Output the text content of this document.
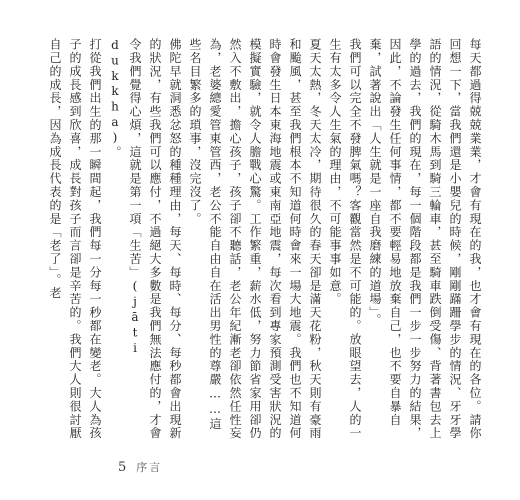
每天都過得兢兢業業，才會有現在的我，也才會有現在的各位。請你回想一下，當我們還是小嬰兒的時候，剛剛蹣跚學步的情況、牙牙學語的情況，從騎木馬到騎三輪車，甚至騎車跌倒受傷、背著書包去上學的過去，我們的現在，每一個階段都是我們一步一步努力的結果，因此，不論發生任何事情，都不要輕易地放棄自己，也不要自暴自棄，試著說出「人生就是一座自我磨練的道場」。

我們可以完全不發脾氣嗎？客觀當然是不可能的。放眼望去，人的一生有太多令人生氣的理由，不可能事事如意。

夏天太熱，冬天太冷，期待很久的春天卻是滿天花粉，秋天則有豪雨和颱風，甚至我們根本不知道何時會來一場大地震。我們也不知道何時會發生日本東海地震或東南亞地震，每次看到專家預測受害狀況的模擬實驗，就令人膽戰心驚。工作繁重，薪水低，努力節省家用卻仍然入不敷出，擔心孩子，孩子卻不聽話，老公年紀漸老卻依然任性妄為，老婆總愛管東管西，老公不能自由自在活出男性的尊嚴……這些名目繁多的瑣事，沒完沒了。

佛陀早就洞悉忿怒的種種理由，每天、每時、每分、每秒都會出現新的狀況，有些我們可以應付，不過絕大多數是我們無法應付的，才會令我們覺得心煩，這就是第一項「生苦」(jāti dukkha)。

打從我們出生的那一瞬間起，我們每一分每一秒都在變老。大人為孩子的成長感到欣喜，成長對孩子而言卻是辛苦的。我們大人則很討厭自己的成長，因為成長代表的是「老了」。老

5 序言
